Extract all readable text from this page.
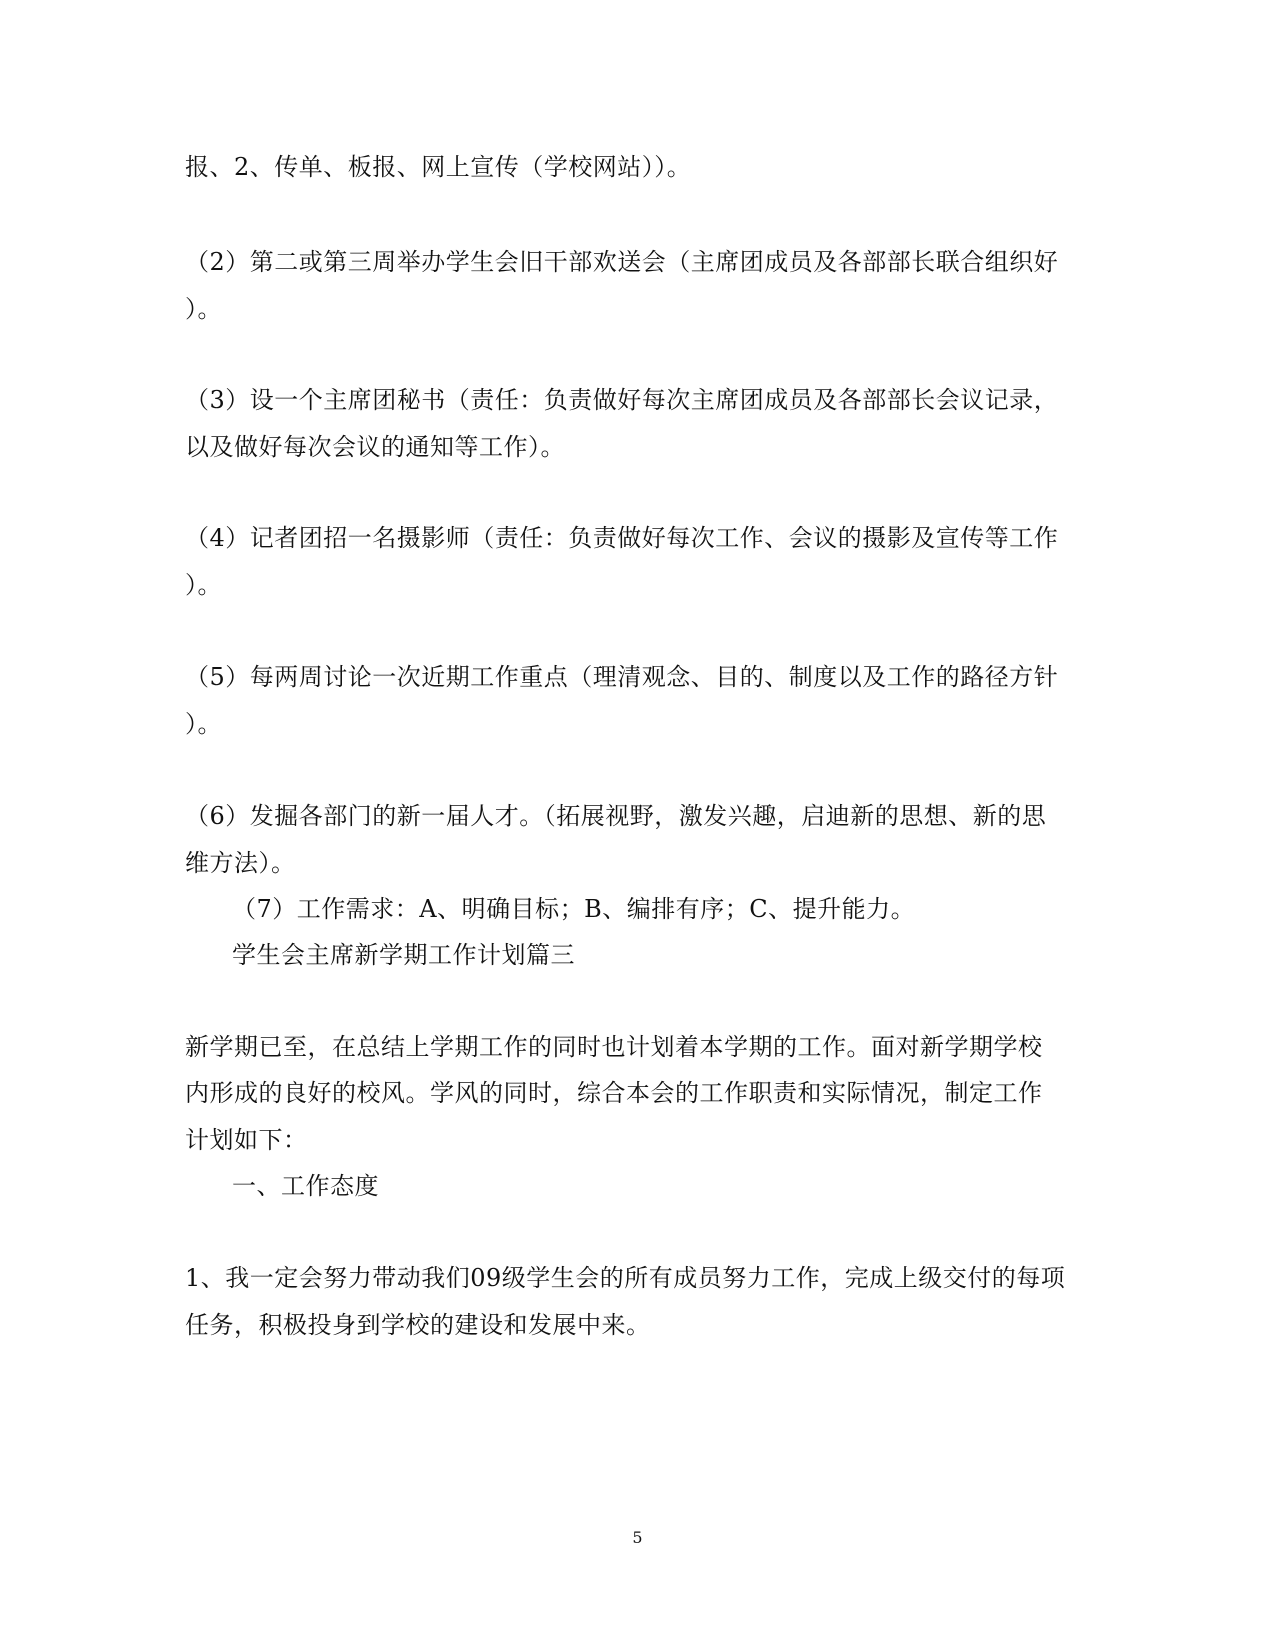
报、2、传单、板报、网上宣传（学校网站））。
（2）第二或第三周举办学生会旧干部欢送会（主席团成员及各部部长联合组织好
）。
（3）设一个主席团秘书（责任：负责做好每次主席团成员及各部部长会议记录，
以及做好每次会议的通知等工作）。
（4）记者团招一名摄影师（责任：负责做好每次工作、会议的摄影及宣传等工作
）。
（5）每两周讨论一次近期工作重点（理清观念、目的、制度以及工作的路径方针
）。
（6）发掘各部门的新一届人才。（拓展视野，激发兴趣，启迪新的思想、新的思
维方法）。
（7）工作需求：A、明确目标；B、编排有序；C、提升能力。
学生会主席新学期工作计划篇三
新学期已至，在总结上学期工作的同时也计划着本学期的工作。面对新学期学校
内形成的良好的校风。学风的同时，综合本会的工作职责和实际情况，制定工作
计划如下：
一、工作态度
1、我一定会努力带动我们09级学生会的所有成员努力工作，完成上级交付的每项
任务，积极投身到学校的建设和发展中来。
5
